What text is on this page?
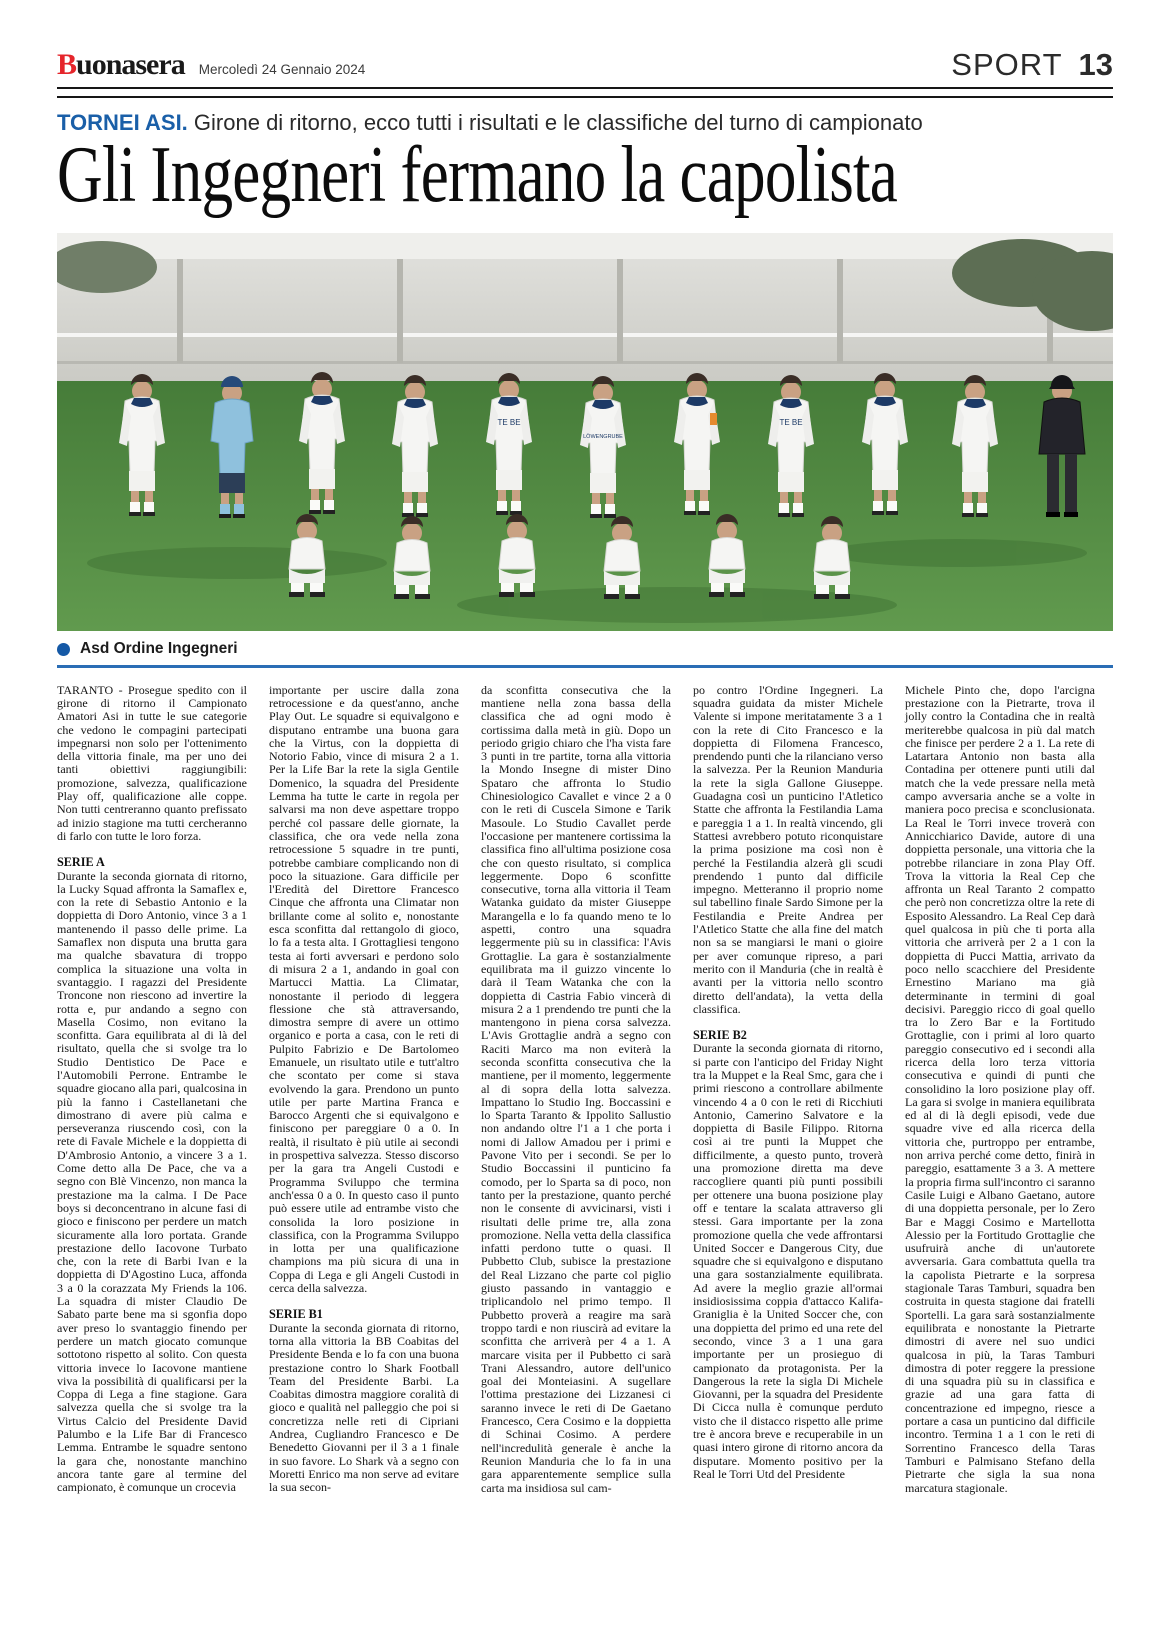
Buonasera Mercoledì 24 Gennaio 2024	SPORT 13
TORNEI ASI. Girone di ritorno, ecco tutti i risultati e le classifiche del turno di campionato
Gli Ingegneri fermano la capolista
TE BE	TE BE
LÖWENGRUBE
Asd Ordine Ingegneri

TARANTO - Prosegue spedito con il girone di ritorno il Campionato Amatori Asi in tutte le sue categorie che vedono le compagini partecipati impegnarsi non solo per l'ottenimento della vittoria finale, ma per uno dei tanti obiettivi raggiungibili: promozione, salvezza, qualificazione Play off, qualificazione alle coppe. Non tutti centreranno quanto prefissato ad inizio stagione ma tutti cercheranno di farlo con tutte le loro forza.

SERIE A

Durante la seconda giornata di ritorno, la Lucky Squad affronta la Samaflex e, con la rete di Sebastio Antonio e la doppietta di Doro Antonio, vince 3 a 1 mantenendo il passo delle prime. La Samaflex non disputa una brutta gara ma qualche sbavatura di troppo complica la situazione una volta in svantaggio. I ragazzi del Presidente Troncone non riescono ad invertire la rotta e, pur andando a segno con Masella Cosimo, non evitano la sconfitta. Gara equilibrata al di là del risultato, quella che si svolge tra lo Studio Dentistico De Pace e l'Automobili Perrone. Entrambe le squadre giocano alla pari, qualcosina in più la fanno i Castellanetani che dimostrano di avere più calma e perseveranza riuscendo così, con la rete di Favale Michele e la doppietta di D'Ambrosio Antonio, a vincere 3 a 1. Come detto alla De Pace, che va a segno con Blè Vincenzo, non manca la prestazione ma la calma. I De Pace boys si deconcentrano in alcune fasi di gioco e finiscono per perdere un match sicuramente alla loro portata. Grande prestazione dello Iacovone Turbato che, con la rete di Barbi Ivan e la doppietta di D'Agostino Luca, affonda 3 a 0 la corazzata My Friends la 106. La squadra di mister Claudio De Sabato parte bene ma si sgonfia dopo aver preso lo svantaggio finendo per perdere un match giocato comunque sottotono rispetto al solito. Con questa vittoria invece lo Iacovone mantiene viva la possibilità di qualificarsi per la Coppa di Lega a fine stagione. Gara salvezza quella che si svolge tra la Virtus Calcio del Presidente David Palumbo e la Life Bar di Francesco Lemma. Entrambe le squadre sentono la gara che, nonostante manchino ancora tante gare al termine del campionato, è comunque un crocevia

importante per uscire dalla zona retrocessione e da quest'anno, anche Play Out. Le squadre si equivalgono e disputano entrambe una buona gara che la Virtus, con la doppietta di Notorio Fabio, vince di misura 2 a 1. Per la Life Bar la rete la sigla Gentile Domenico, la squadra del Presidente Lemma ha tutte le carte in regola per salvarsi ma non deve aspettare troppo perché col passare delle giornate, la classifica, che ora vede nella zona retrocessione 5 squadre in tre punti, potrebbe cambiare complicando non di poco la situazione. Gara difficile per l'Eredità del Direttore Francesco Cinque che affronta una Climatar non brillante come al solito e, nonostante esca sconfitta dal rettangolo di gioco, lo fa a testa alta. I Grottagliesi tengono testa ai forti avversari e perdono solo di misura 2 a 1, andando in goal con Martucci Mattia. La Climatar, nonostante il periodo di leggera flessione che stà attraversando, dimostra sempre di avere un ottimo organico e porta a casa, con le reti di Pulpito Fabrizio e De Bartolomeo Emanuele, un risultato utile e tutt'altro che scontato per come si stava evolvendo la gara. Prendono un punto utile per parte Martina Franca e Barocco Argenti che si equivalgono e finiscono per pareggiare 0 a 0. In realtà, il risultato è più utile ai secondi in prospettiva salvezza. Stesso discorso per la gara tra Angeli Custodi e Programma Sviluppo che termina anch'essa 0 a 0. In questo caso il punto può essere utile ad entrambe visto che consolida la loro posizione in classifica, con la Programma Sviluppo in lotta per una qualificazione champions ma più sicura di una in Coppa di Lega e gli Angeli Custodi in cerca della salvezza.

SERIE B1

Durante la seconda giornata di ritorno, torna alla vittoria la BB Coabitas del Presidente Benda e lo fa con una buona prestazione contro lo Shark Football Team del Presidente Barbi. La Coabitas dimostra maggiore coralità di gioco e qualità nel palleggio che poi si concretizza nelle reti di Cipriani Andrea, Cugliandro Francesco e De Benedetto Giovanni per il 3 a 1 finale in suo favore. Lo Shark và a segno con Moretti Enrico ma non serve ad evitare la sua secon-

da sconfitta consecutiva che la mantiene nella zona bassa della classifica che ad ogni modo è cortissima dalla metà in giù. Dopo un periodo grigio chiaro che l'ha vista fare 3 punti in tre partite, torna alla vittoria la Mondo Insegne di mister Dino Spataro che affronta lo Studio Chinesiologico Cavallet e vince 2 a 0 con le reti di Cuscela Simone e Tarik Masoule. Lo Studio Cavallet perde l'occasione per mantenere cortissima la classifica fino all'ultima posizione cosa che con questo risultato, si complica leggermente. Dopo 6 sconfitte consecutive, torna alla vittoria il Team Watanka guidato da mister Giuseppe Marangella e lo fa quando meno te lo aspetti, contro una squadra leggermente più su in classifica: l'Avis Grottaglie. La gara è sostanzialmente equilibrata ma il guizzo vincente lo darà il Team Watanka che con la doppietta di Castria Fabio vincerà di misura 2 a 1 prendendo tre punti che la mantengono in piena corsa salvezza. L'Avis Grottaglie andrà a segno con Raciti Marco ma non eviterà la seconda sconfitta consecutiva che la mantiene, per il momento, leggermente al di sopra della lotta salvezza. Impattano lo Studio Ing. Boccassini e lo Sparta Taranto & Ippolito Sallustio non andando oltre l'1 a 1 che porta i nomi di Jallow Amadou per i primi e Pavone Vito per i secondi. Se per lo Studio Boccassini il punticino fa comodo, per lo Sparta sa di poco, non tanto per la prestazione, quanto perché non le consente di avvicinarsi, visti i risultati delle prime tre, alla zona promozione. Nella vetta della classifica infatti perdono tutte o quasi. Il Pubbetto Club, subisce la prestazione del Real Lizzano che parte col piglio giusto passando in vantaggio e triplicandolo nel primo tempo. Il Pubbetto proverà a reagire ma sarà troppo tardi e non riuscirà ad evitare la sconfitta che arriverà per 4 a 1. A marcare visita per il Pubbetto ci sarà Trani Alessandro, autore dell'unico goal dei Monteiasini. A sugellare l'ottima prestazione dei Lizzanesi ci saranno invece le reti di De Gaetano Francesco, Cera Cosimo e la doppietta di Schinai Cosimo. A perdere nell'incredulità generale è anche la Reunion Manduria che lo fa in una gara apparentemente semplice sulla carta ma insidiosa sul cam-

po contro l'Ordine Ingegneri. La squadra guidata da mister Michele Valente si impone meritatamente 3 a 1 con la rete di Cito Francesco e la doppietta di Filomena Francesco, prendendo punti che la rilanciano verso la salvezza. Per la Reunion Manduria la rete la sigla Gallone Giuseppe. Guadagna così un punticino l'Atletico Statte che affronta la Festilandia Lama e pareggia 1 a 1. In realtà vincendo, gli Stattesi avrebbero potuto riconquistare la prima posizione ma così non è perché la Festilandia alzerà gli scudi prendendo 1 punto dal difficile impegno. Metteranno il proprio nome sul tabellino finale Sardo Simone per la Festilandia e Preite Andrea per l'Atletico Statte che alla fine del match non sa se mangiarsi le mani o gioire per aver comunque ripreso, a pari merito con il Manduria (che in realtà è avanti per la vittoria nello scontro diretto dell'andata), la vetta della classifica.

SERIE B2

Durante la seconda giornata di ritorno, si parte con l'anticipo del Friday Night tra la Muppet e la Real Smc, gara che i primi riescono a controllare abilmente vincendo 4 a 0 con le reti di Ricchiuti Antonio, Camerino Salvatore e la doppietta di Basile Filippo. Ritorna così ai tre punti la Muppet che difficilmente, a questo punto, troverà una promozione diretta ma deve raccogliere quanti più punti possibili per ottenere una buona posizione play off e tentare la scalata attraverso gli stessi. Gara importante per la zona promozione quella che vede affrontarsi United Soccer e Dangerous City, due squadre che si equivalgono e disputano una gara sostanzialmente equilibrata. Ad avere la meglio grazie all'ormai insidiosissima coppia d'attacco Kalifa-Graniglia è la United Soccer che, con una doppietta del primo ed una rete del secondo, vince 3 a 1 una gara importante per un prosieguo di campionato da protagonista. Per la Dangerous la rete la sigla Di Michele Giovanni, per la squadra del Presidente Di Cicca nulla è comunque perduto visto che il distacco rispetto alle prime tre è ancora breve e recuperabile in un quasi intero girone di ritorno ancora da disputare. Momento positivo per la Real le Torri Utd del Presidente

Michele Pinto che, dopo l'arcigna prestazione con la Pietrarte, trova il jolly contro la Contadina che in realtà meriterebbe qualcosa in più dal match che finisce per perdere 2 a 1. La rete di Latartara Antonio non basta alla Contadina per ottenere punti utili dal match che la vede pressare nella metà campo avversaria anche se a volte in maniera poco precisa e sconclusionata. La Real le Torri invece troverà con Annicchiarico Davide, autore di una doppietta personale, una vittoria che la potrebbe rilanciare in zona Play Off. Trova la vittoria la Real Cep che affronta un Real Taranto 2 compatto che però non concretizza oltre la rete di Esposito Alessandro. La Real Cep darà quel qualcosa in più che ti porta alla vittoria che arriverà per 2 a 1 con la doppietta di Pucci Mattia, arrivato da poco nello scacchiere del Presidente Ernestino Mariano ma già determinante in termini di goal decisivi. Pareggio ricco di goal quello tra lo Zero Bar e la Fortitudo Grottaglie, con i primi al loro quarto pareggio consecutivo ed i secondi alla ricerca della loro terza vittoria consecutiva e quindi di punti che consolidino la loro posizione play off. La gara si svolge in maniera equilibrata ed al di là degli episodi, vede due squadre vive ed alla ricerca della vittoria che, purtroppo per entrambe, non arriva perché come detto, finirà in pareggio, esattamente 3 a 3. A mettere la propria firma sull'incontro ci saranno Casile Luigi e Albano Gaetano, autore di una doppietta personale, per lo Zero Bar e Maggi Cosimo e Martellotta Alessio per la Fortitudo Grottaglie che usufruirà anche di un'autorete avversaria. Gara combattuta quella tra la capolista Pietrarte e la sorpresa stagionale Taras Tamburi, squadra ben costruita in questa stagione dai fratelli Sportelli. La gara sarà sostanzialmente equilibrata e nonostante la Pietrarte dimostri di avere nel suo undici qualcosa in più, la Taras Tamburi dimostra di poter reggere la pressione di una squadra più su in classifica e grazie ad una gara fatta di concentrazione ed impegno, riesce a portare a casa un punticino dal difficile incontro. Termina 1 a 1 con le reti di Sorrentino Francesco della Taras Tamburi e Palmisano Stefano della Pietrarte che sigla la sua nona marcatura stagionale.
